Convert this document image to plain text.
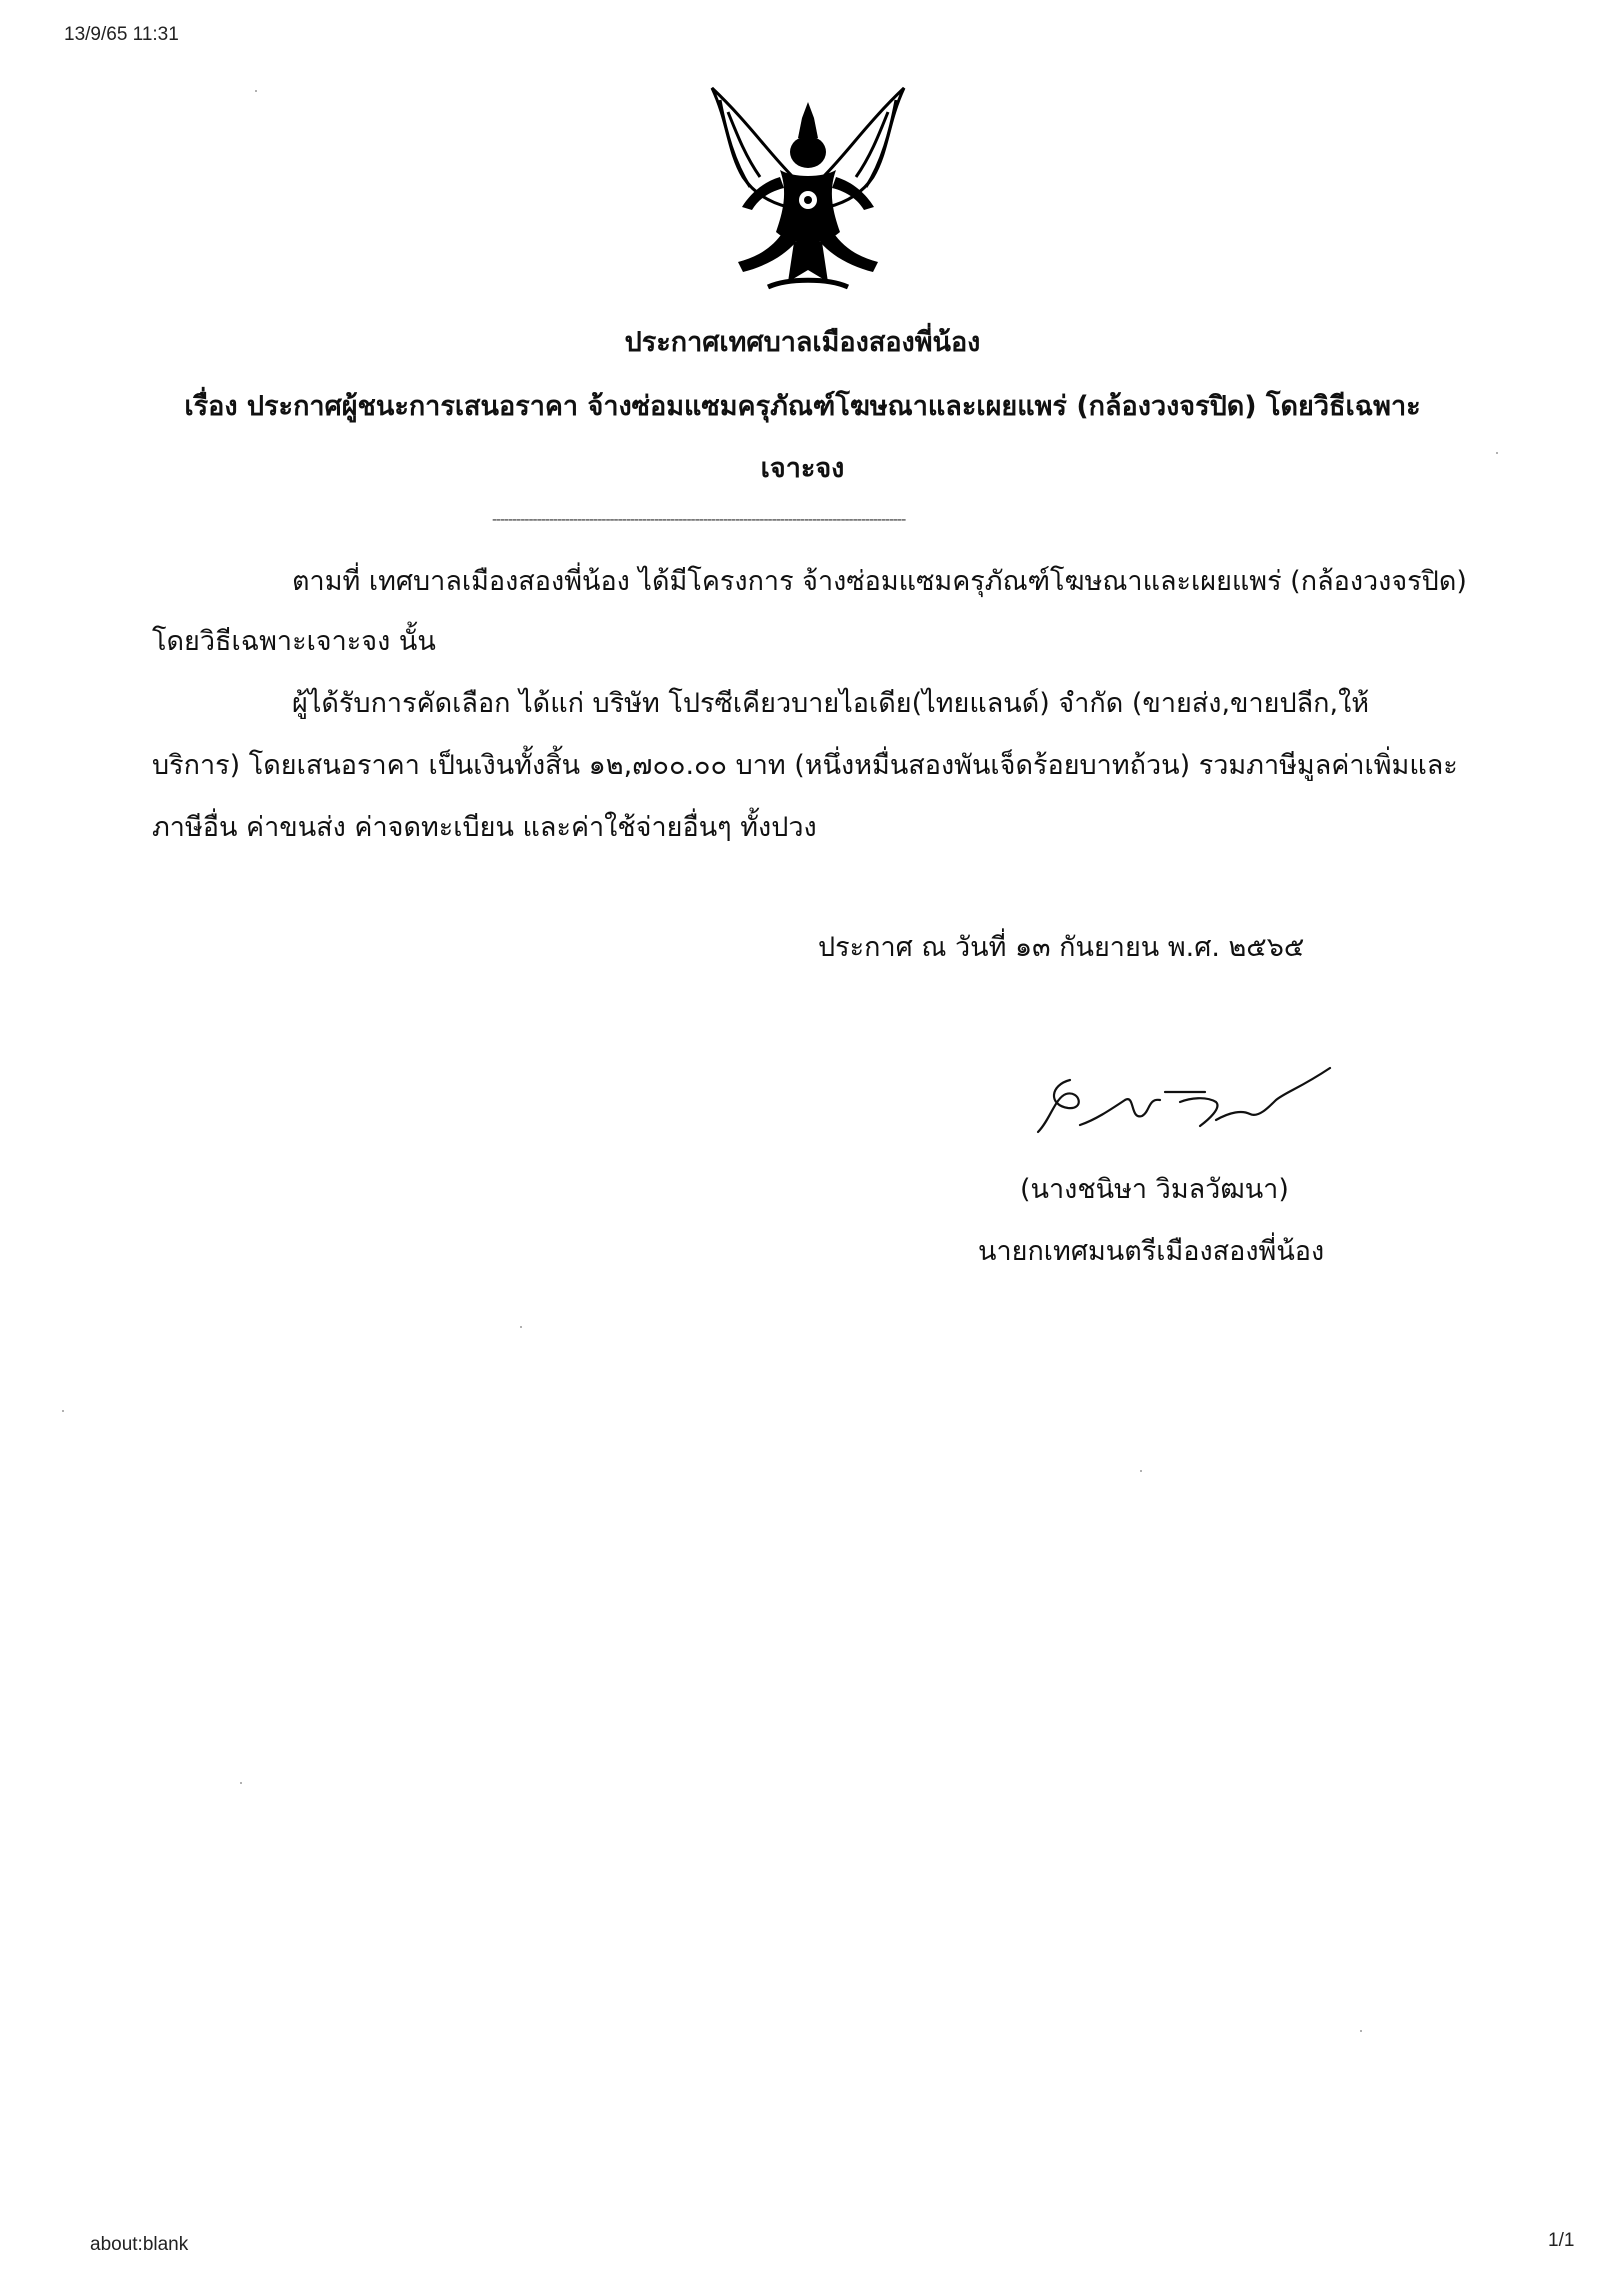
13/9/65 11:31
about:blank	1/1
ประกาศเทศบาลเมืองสองพี่น้อง
เรื่อง ประกาศผู้ชนะการเสนอราคา จ้างซ่อมแซมครุภัณฑ์โฆษณาและเผยแพร่ (กล้องวงจรปิด) โดยวิธีเฉพาะ
เจาะจง
------------------------------------------------------------------------------------------------------
ตามที่ เทศบาลเมืองสองพี่น้อง ได้มีโครงการ จ้างซ่อมแซมครุภัณฑ์โฆษณาและเผยแพร่ (กล้องวงจรปิด)
โดยวิธีเฉพาะเจาะจง นั้น
ผู้ได้รับการคัดเลือก ได้แก่ บริษัท โปรซีเคียวบายไอเดีย(ไทยแลนด์) จำกัด (ขายส่ง,ขายปลีก,ให้
บริการ) โดยเสนอราคา เป็นเงินทั้งสิ้น ๑๒,๗๐๐.๐๐ บาท (หนึ่งหมื่นสองพันเจ็ดร้อยบาทถ้วน) รวมภาษีมูลค่าเพิ่มและ
ภาษีอื่น ค่าขนส่ง ค่าจดทะเบียน และค่าใช้จ่ายอื่นๆ ทั้งปวง
ประกาศ ณ วันที่ ๑๓ กันยายน พ.ศ. ๒๕๖๕
(นางชนิษา วิมลวัฒนา)
นายกเทศมนตรีเมืองสองพี่น้อง
